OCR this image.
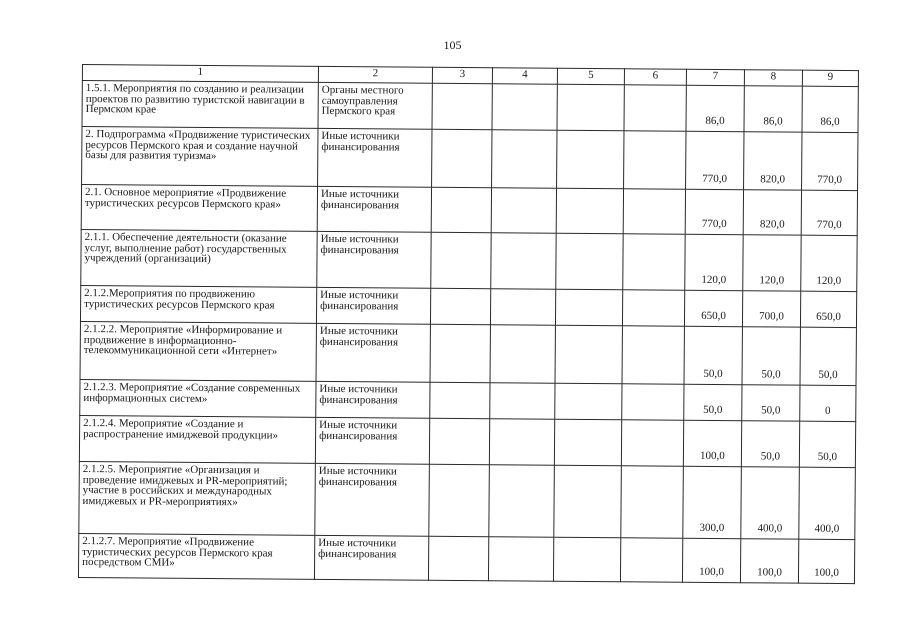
105
1	2	3	4	5	6	7	8	9
1.5.1. Мероприятия по созданию и реализации проектов по развитию туристской навигации в Пермском крае	Органы местного самоуправления Пермского края					86,0	86,0	86,0
2. Подпрограмма «Продвижение туристических ресурсов Пермского края и создание научной базы для развития туризма»	Иные источники финансирования					770,0	820,0	770,0
2.1. Основное мероприятие «Продвижение туристических ресурсов Пермского края»	Иные источники финансирования					770,0	820,0	770,0
2.1.1. Обеспечение деятельности (оказание услуг, выполнение работ) государственных учреждений (организаций)	Иные источники финансирования					120,0	120,0	120,0
2.1.2.Мероприятия по продвижению туристических ресурсов Пермского края	Иные источники финансирования					650,0	700,0	650,0
2.1.2.2. Мероприятие «Информирование и продвижение в информационно-телекоммуникационной сети «Интернет»	Иные источники финансирования					50,0	50,0	50,0
2.1.2.3. Мероприятие «Создание современных информационных систем»	Иные источники финансирования					50,0	50,0	0
2.1.2.4. Мероприятие «Создание и распространение имиджевой продукции»	Иные источники финансирования					100,0	50,0	50,0
2.1.2.5. Мероприятие «Организация и проведение имиджевых и PR-мероприятий; участие в российских и международных имиджевых и PR-мероприятиях»	Иные источники финансирования					300,0	400,0	400,0
2.1.2.7. Мероприятие «Продвижение туристических ресурсов Пермского края посредством СМИ»	Иные источники финансирования					100,0	100,0	100,0
